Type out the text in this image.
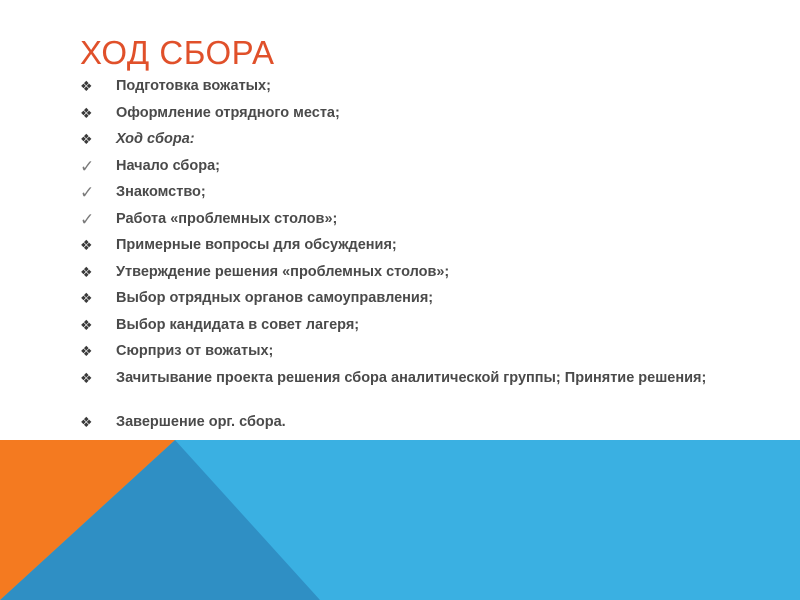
ХОД СБОРА
❖	Подготовка вожатых;
❖	Оформление отрядного места;
❖	Ход сбора:
✓	Начало сбора;
✓	Знакомство;
✓	Работа «проблемных столов»;
❖	Примерные вопросы для обсуждения;
❖	Утверждение решения «проблемных столов»;
❖	Выбор отрядных органов самоуправления;
❖	Выбор кандидата в совет лагеря;
❖	Сюрприз от вожатых;
❖	Зачитывание проекта решения сбора аналитической группы; Принятие решения;
❖	Завершение орг. сбора.
